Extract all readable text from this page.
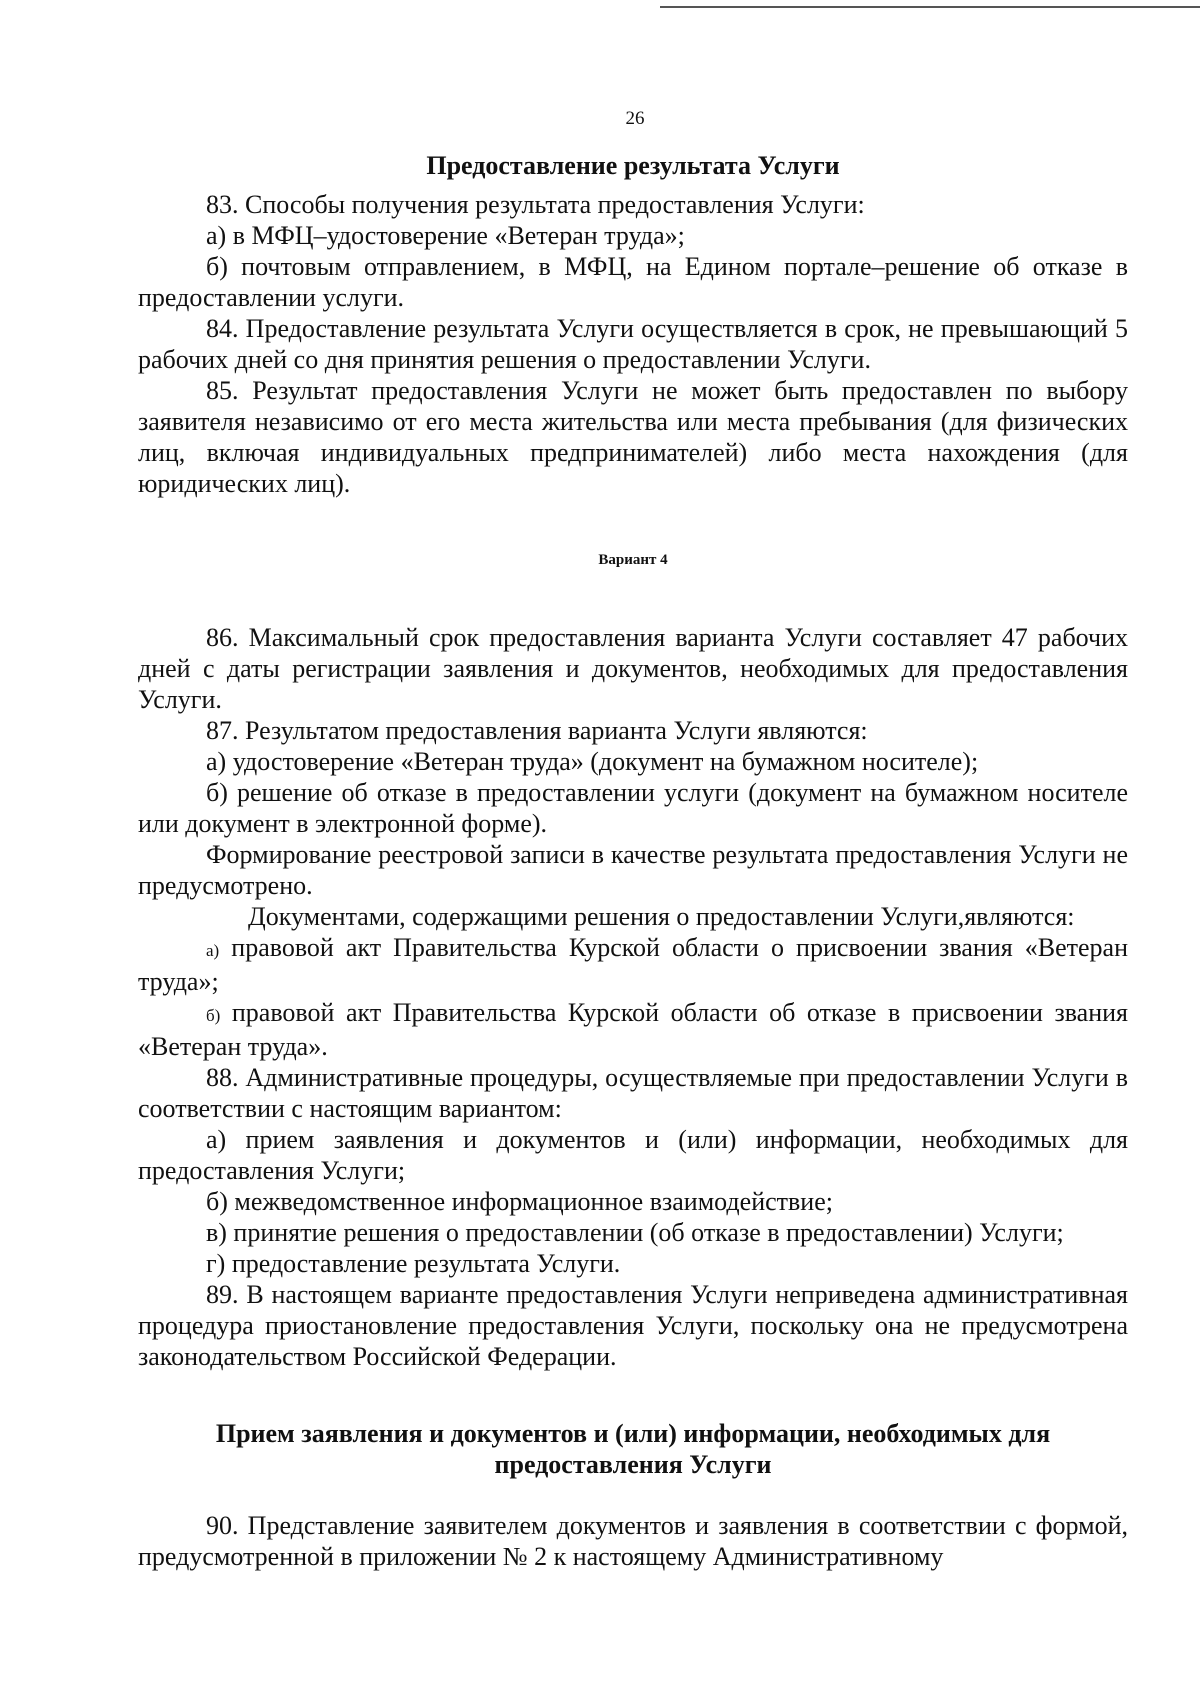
26

Предоставление результата Услуги

83. Способы получения результата предоставления Услуги:

а) в МФЦ–удостоверение «Ветеран труда»;

б) почтовым отправлением, в МФЦ, на Едином портале–решение об отказе в предоставлении услуги.

84. Предоставление результата Услуги осуществляется в срок, не превышающий 5 рабочих дней со дня принятия решения о предоставлении Услуги.

85. Результат предоставления Услуги не может быть предоставлен по выбору заявителя независимо от его места жительства или места пребывания (для физических лиц, включая индивидуальных предпринимателей) либо места нахождения (для юридических лиц).

Вариант 4

86. Максимальный срок предоставления варианта Услуги составляет 47 рабочих дней с даты регистрации заявления и документов, необходимых для предоставления Услуги.

87. Результатом предоставления варианта Услуги являются:

а) удостоверение «Ветеран труда» (документ на бумажном носителе);

б) решение об отказе в предоставлении услуги (документ на бумажном носителе или документ в электронной форме).

Формирование реестровой записи в качестве результата предоставления Услуги не предусмотрено.

Документами, содержащими решения о предоставлении Услуги,являются:

а) правовой акт Правительства Курской области о присвоении звания «Ветеран труда»;

б) правовой акт Правительства Курской области об отказе в присвоении звания «Ветеран труда».

88. Административные процедуры, осуществляемые при предоставлении Услуги в соответствии с настоящим вариантом:

а) прием заявления и документов и (или) информации, необходимых для предоставления Услуги;

б) межведомственное информационное взаимодействие;

в) принятие решения о предоставлении (об отказе в предоставлении) Услуги;

г) предоставление результата Услуги.

89. В настоящем варианте предоставления Услуги неприведена административная процедура приостановление предоставления Услуги, поскольку она не предусмотрена законодательством Российской Федерации.

Прием заявления и документов и (или) информации, необходимых для предоставления Услуги

90. Представление заявителем документов и заявления в соответствии с формой, предусмотренной в приложении № 2 к настоящему Административному
